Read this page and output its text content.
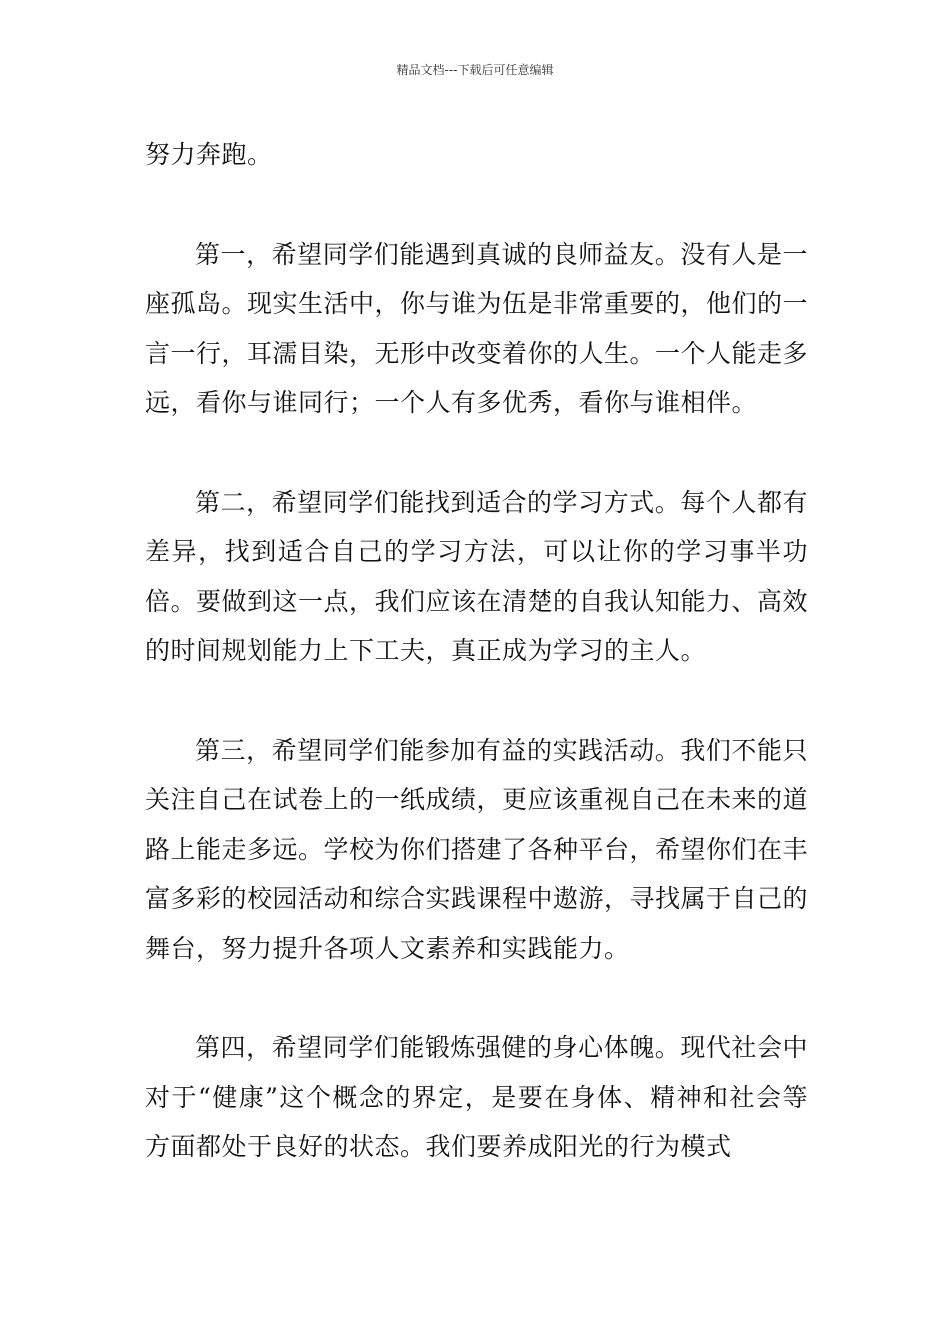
精品文档---下载后可任意编辑

努力奔跑。

第一，希望同学们能遇到真诚的良师益友。没有人是一座孤岛。现实生活中，你与谁为伍是非常重要的，他们的一言一行，耳濡目染，无形中改变着你的人生。一个人能走多远，看你与谁同行；一个人有多优秀，看你与谁相伴。

第二，希望同学们能找到适合的学习方式。每个人都有差异，找到适合自己的学习方法，可以让你的学习事半功倍。要做到这一点，我们应该在清楚的自我认知能力、高效的时间规划能力上下工夫，真正成为学习的主人。

第三，希望同学们能参加有益的实践活动。我们不能只关注自己在试卷上的一纸成绩，更应该重视自己在未来的道路上能走多远。学校为你们搭建了各种平台，希望你们在丰富多彩的校园活动和综合实践课程中遨游，寻找属于自己的舞台，努力提升各项人文素养和实践能力。

第四，希望同学们能锻炼强健的身心体魄。现代社会中对于“健康”这个概念的界定，是要在身体、精神和社会等方面都处于良好的状态。我们要养成阳光的行为模式
